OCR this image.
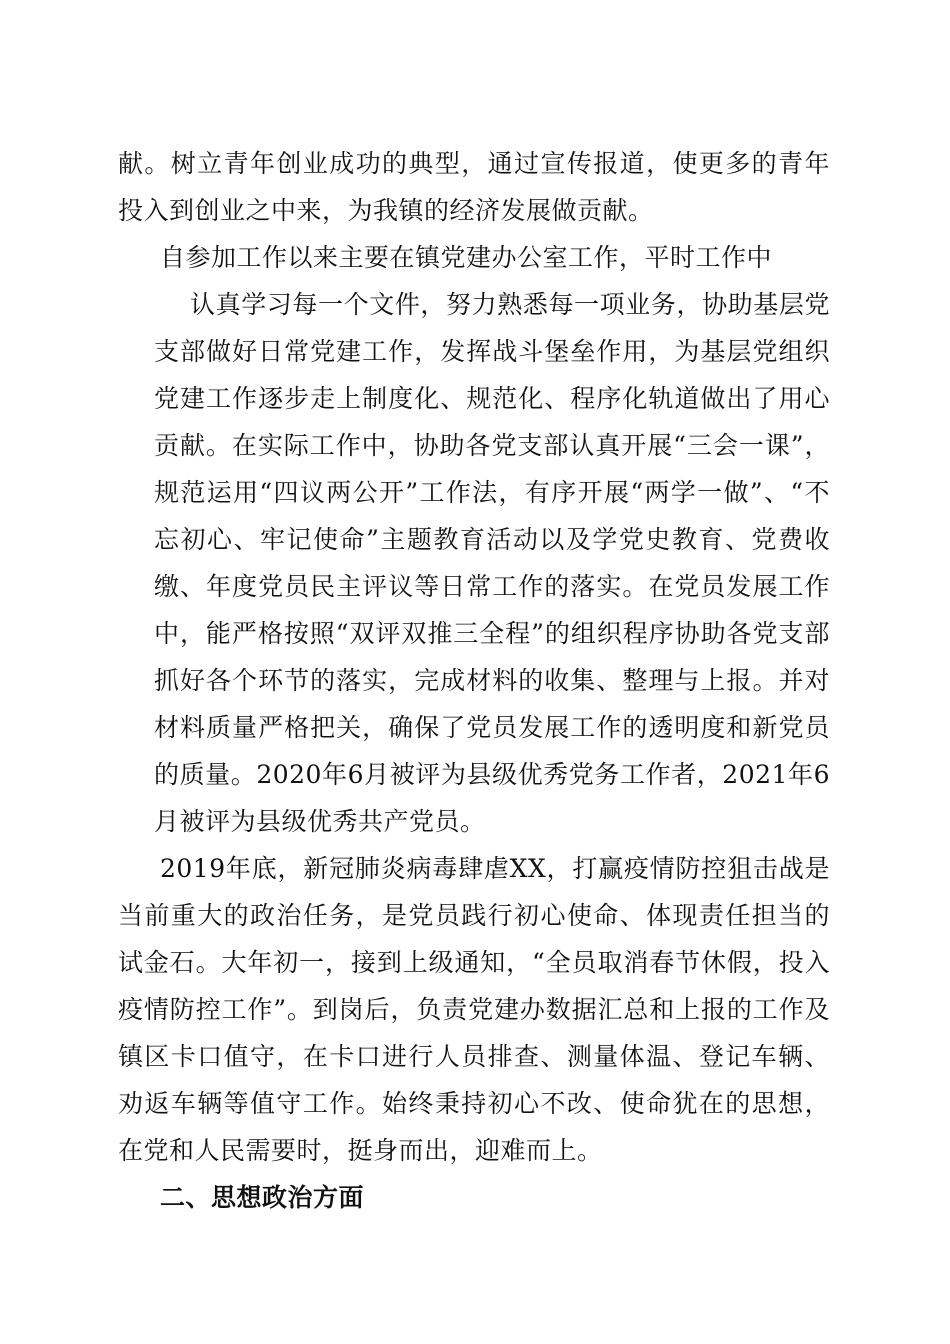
献。树立青年创业成功的典型，通过宣传报道，使更多的青年投入到创业之中来，为我镇的经济发展做贡献。

自参加工作以来主要在镇党建办公室工作，平时工作中

认真学习每一个文件，努力熟悉每一项业务，协助基层党支部做好日常党建工作，发挥战斗堡垒作用，为基层党组织党建工作逐步走上制度化、规范化、程序化轨道做出了用心贡献。在实际工作中，协助各党支部认真开展“三会一课”，规范运用“四议两公开”工作法，有序开展“两学一做”、“不忘初心、牢记使命”主题教育活动以及学党史教育、党费收缴、年度党员民主评议等日常工作的落实。在党员发展工作中，能严格按照“双评双推三全程”的组织程序协助各党支部抓好各个环节的落实，完成材料的收集、整理与上报。并对材料质量严格把关，确保了党员发展工作的透明度和新党员的质量。2020年6月被评为县级优秀党务工作者，2021年6月被评为县级优秀共产党员。

2019年底，新冠肺炎病毒肆虐XX，打赢疫情防控狙击战是当前重大的政治任务，是党员践行初心使命、体现责任担当的试金石。大年初一，接到上级通知，“全员取消春节休假，投入疫情防控工作”。到岗后，负责党建办数据汇总和上报的工作及镇区卡口值守，在卡口进行人员排查、测量体温、登记车辆、劝返车辆等值守工作。始终秉持初心不改、使命犹在的思想，在党和人民需要时，挺身而出，迎难而上。

二、思想政治方面
